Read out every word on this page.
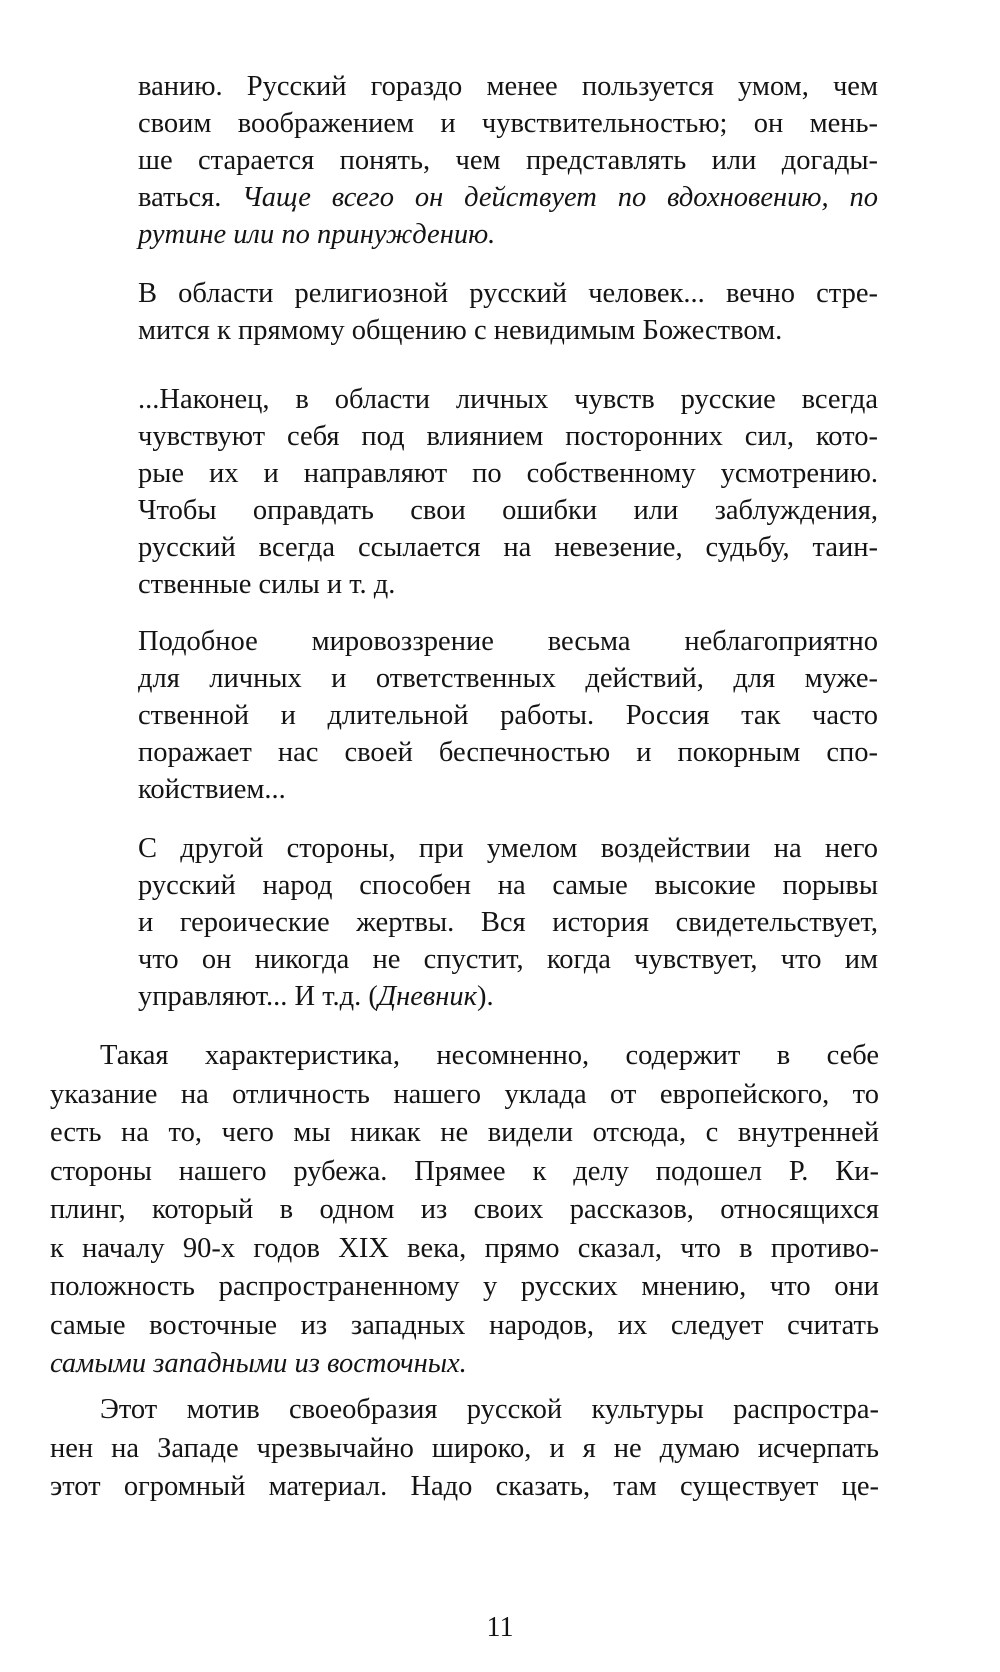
ванию. Русский гораздо менее пользуется умом, чем
своим воображением и чувствительностью; он мень-
ше старается понять, чем представлять или догады-
ваться. Чаще всего он действует по вдохновению, по
рутине или по принуждению.
В области религиозной русский человек... вечно стре-
мится к прямому общению с невидимым Божеством.
...Наконец, в области личных чувств русские всегда
чувствуют себя под влиянием посторонних сил, кото-
рые их и направляют по собственному усмотрению.
Чтобы оправдать свои ошибки или заблуждения,
русский всегда ссылается на невезение, судьбу, таин-
ственные силы и т. д.
Подобное мировоззрение весьма неблагоприятно
для личных и ответственных действий, для муже-
ственной и длительной работы. Россия так часто
поражает нас своей беспечностью и покорным спо-
койствием...
С другой стороны, при умелом воздействии на него
русский народ способен на самые высокие порывы
и героические жертвы. Вся история свидетельствует,
что он никогда не спустит, когда чувствует, что им
управляют... И т.д. (Дневник).
Такая характеристика, несомненно, содержит в себе
указание на отличность нашего уклада от европейского, то
есть на то, чего мы никак не видели отсюда, с внутренней
стороны нашего рубежа. Прямее к делу подошел Р. Ки-
плинг, который в одном из своих рассказов, относящихся
к началу 90-х годов XIX века, прямо сказал, что в противо-
положность распространенному у русских мнению, что они
самые восточные из западных народов, их следует считать
самыми западными из восточных.
Этот мотив своеобразия русской культуры распростра-
нен на Западе чрезвычайно широко, и я не думаю исчерпать
этот огромный материал. Надо сказать, там существует це-
11
